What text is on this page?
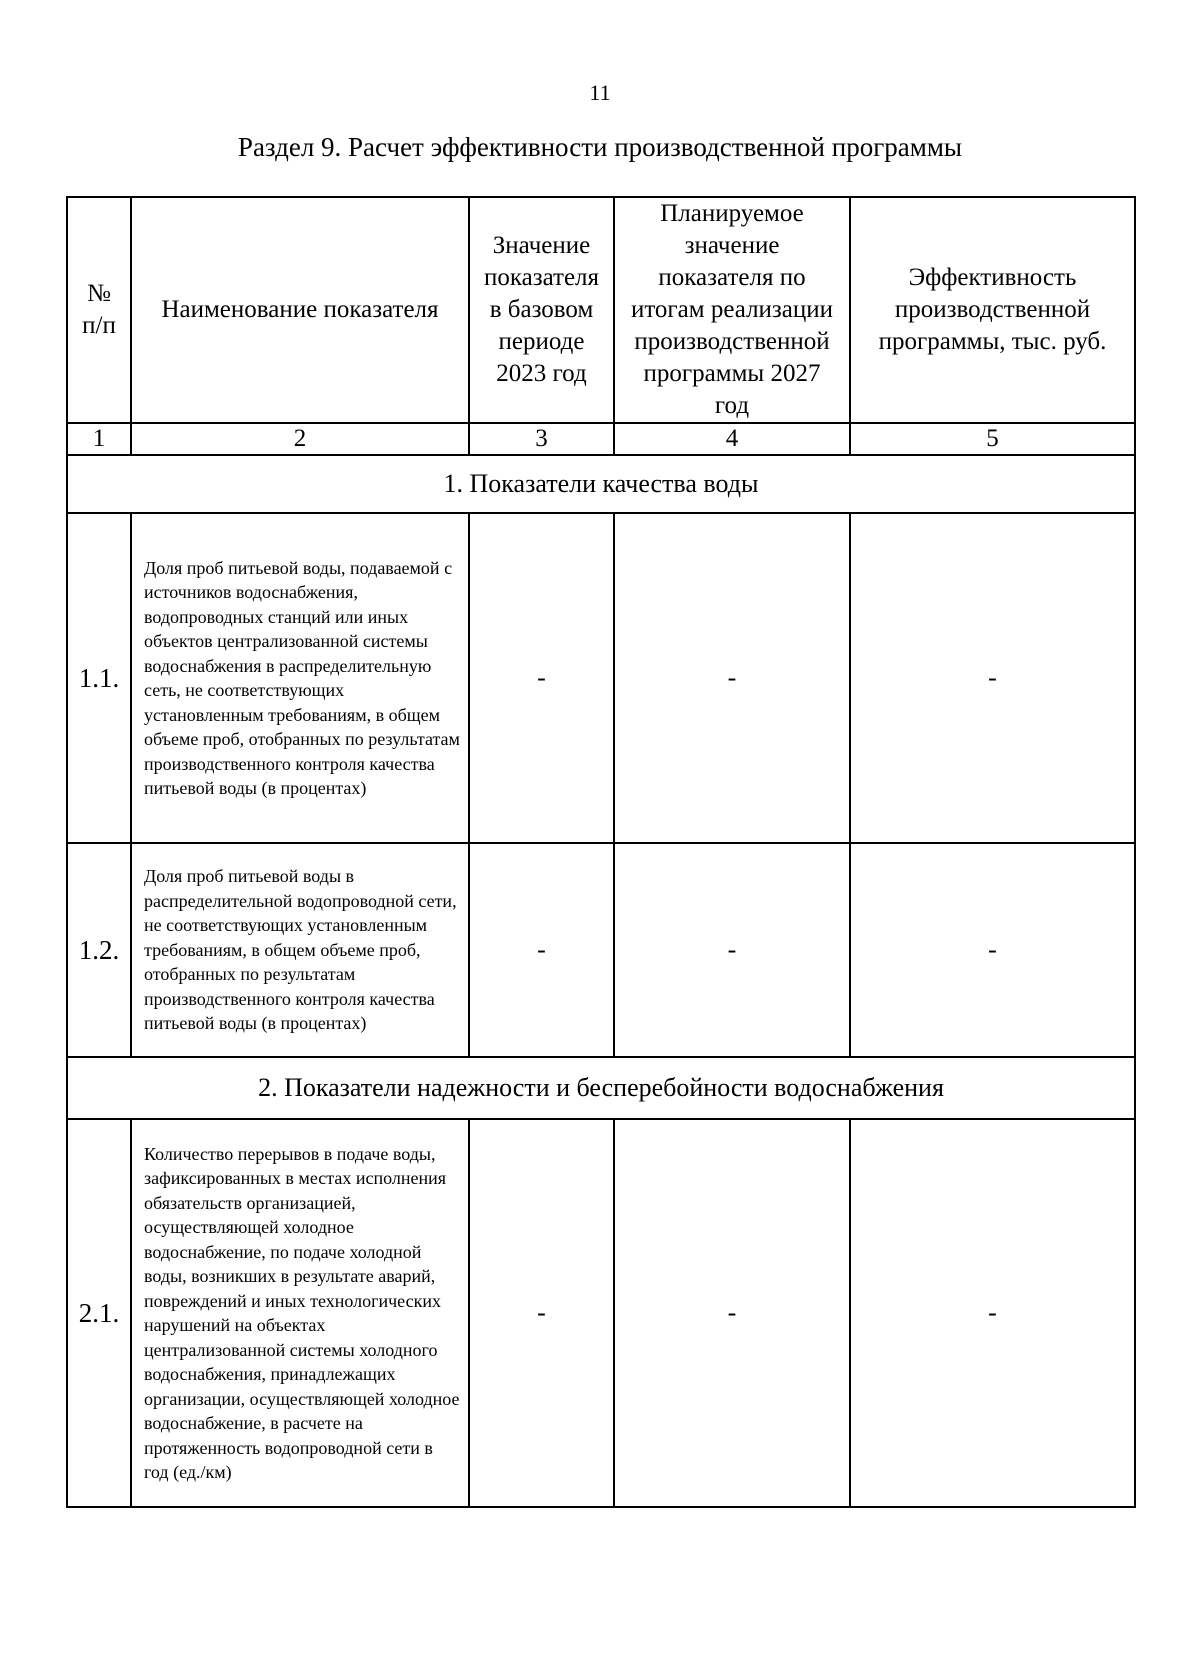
11
Раздел 9. Расчет эффективности производственной программы
№ п/п	Наименование показателя	Значение показателя в базовом периоде 2023 год	Планируемое значение показателя по итогам реализации производственной программы 2027 год	Эффективность производственной программы, тыс. руб.
1	2	3	4	5
1. Показатели качества воды				
1.1.	Доля проб питьевой воды, подаваемой с источников водоснабжения, водопроводных станций или иных объектов централизованной системы водоснабжения в распределительную сеть, не соответствующих установленным требованиям, в общем объеме проб, отобранных по результатам производственного контроля качества питьевой воды (в процентах)	-	-	-
1.2.	Доля проб питьевой воды в распределительной водопроводной сети, не соответствующих установленным требованиям, в общем объеме проб, отобранных по результатам производственного контроля качества питьевой воды (в процентах)	-	-	-
2. Показатели надежности и бесперебойности водоснабжения				
2.1.	Количество перерывов в подаче воды, зафиксированных в местах исполнения обязательств организацией, осуществляющей холодное водоснабжение, по подаче холодной воды, возникших в результате аварий, повреждений и иных технологических нарушений на объектах централизованной системы холодного водоснабжения, принадлежащих организации, осуществляющей холодное водоснабжение, в расчете на протяженность водопроводной сети в год (ед./км)	-	-	-
